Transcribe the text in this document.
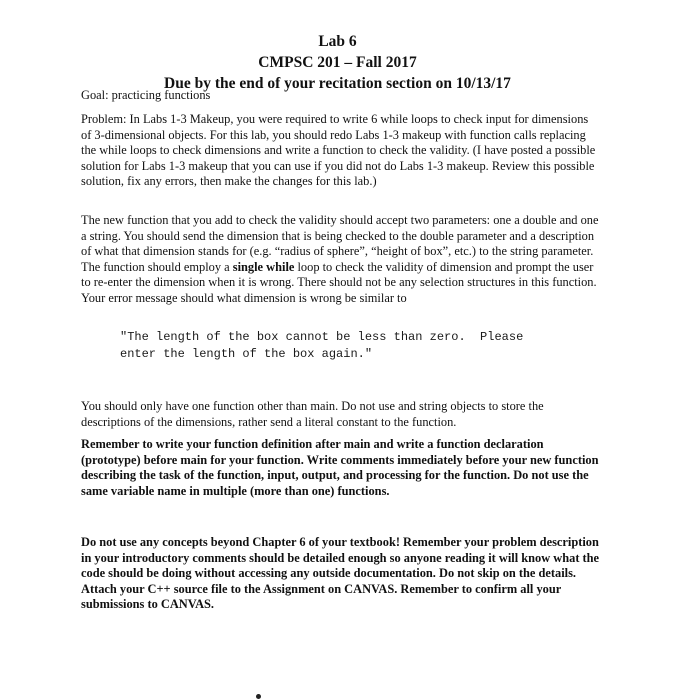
Lab 6
CMPSC 201 – Fall 2017
Due by the end of your recitation section on 10/13/17
Goal: practicing functions
Problem: In Labs 1-3 Makeup, you were required to write 6 while loops to check input for dimensions of 3-dimensional objects. For this lab, you should redo Labs 1-3 makeup with function calls replacing the while loops to check dimensions and write a function to check the validity. (I have posted a possible solution for Labs 1-3 makeup that you can use if you did not do Labs 1-3 makeup. Review this possible solution, fix any errors, then make the changes for this lab.)
The new function that you add to check the validity should accept two parameters: one a double and one a string. You should send the dimension that is being checked to the double parameter and a description of what that dimension stands for (e.g. “radius of sphere”, “height of box”, etc.) to the string parameter. The function should employ a single while loop to check the validity of dimension and prompt the user to re-enter the dimension when it is wrong. There should not be any selection structures in this function. Your error message should what dimension is wrong be similar to
"The length of the box cannot be less than zero.  Please
enter the length of the box again."
You should only have one function other than main. Do not use and string objects to store the descriptions of the dimensions, rather send a literal constant to the function.
Remember to write your function definition after main and write a function declaration (prototype) before main for your function. Write comments immediately before your new function describing the task of the function, input, output, and processing for the function. Do not use the same variable name in multiple (more than one) functions.
Do not use any concepts beyond Chapter 6 of your textbook! Remember your problem description in your introductory comments should be detailed enough so anyone reading it will know what the code should be doing without accessing any outside documentation. Do not skip on the details. Attach your C++ source file to the Assignment on CANVAS. Remember to confirm all your submissions to CANVAS.
